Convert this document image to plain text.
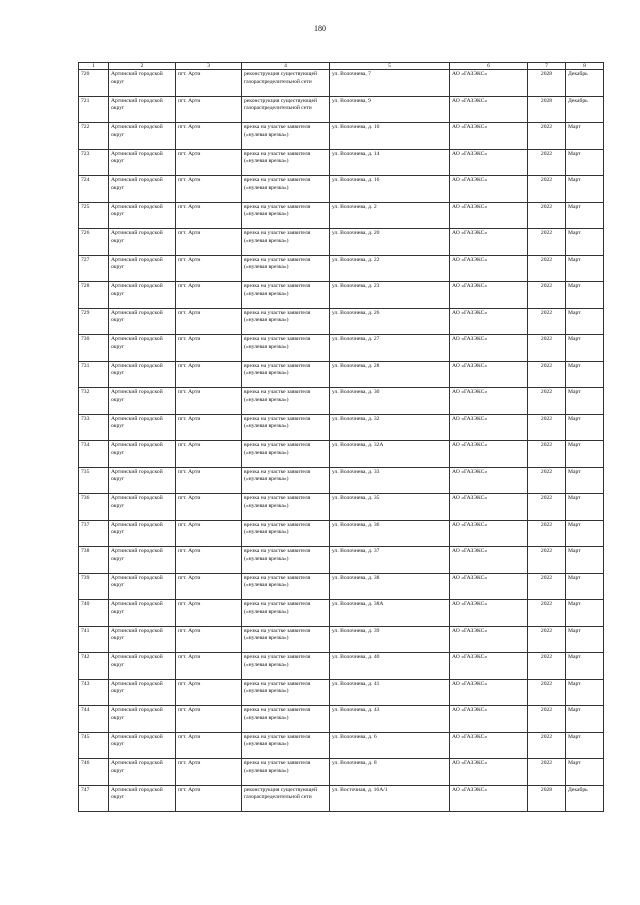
180
1	2	3	4	5	6	7	8
720	Артинский городской округ	пгт. Арти	реконструкция существующей газораспределительной сети	ул. Волочнева, 7	АО «ГАЗЭКС»	2028	Декабрь
721	Артинский городской округ	пгт. Арти	реконструкция существующей газораспределительной сети	ул. Волочнева, 9	АО «ГАЗЭКС»	2028	Декабрь
722	Артинский городской округ	пгт. Арти	врезка на участке заявителя («нулевая врезка»)	ул. Волочнева, д. 10	АО «ГАЗЭКС»	2022	Март
723	Артинский городской округ	пгт. Арти	врезка на участке заявителя («нулевая врезка»)	ул. Волочнева, д. 14	АО «ГАЗЭКС»	2022	Март
724	Артинский городской округ	пгт. Арти	врезка на участке заявителя («нулевая врезка»)	ул. Волочнева, д. 16	АО «ГАЗЭКС»	2022	Март
725	Артинский городской округ	пгт. Арти	врезка на участке заявителя («нулевая врезка»)	ул. Волочнева, д. 2	АО «ГАЗЭКС»	2022	Март
726	Артинский городской округ	пгт. Арти	врезка на участке заявителя («нулевая врезка»)	ул. Волочнева, д. 20	АО «ГАЗЭКС»	2022	Март
727	Артинский городской округ	пгт. Арти	врезка на участке заявителя («нулевая врезка»)	ул. Волочнева, д. 22	АО «ГАЗЭКС»	2022	Март
728	Артинский городской округ	пгт. Арти	врезка на участке заявителя («нулевая врезка»)	ул. Волочнева, д. 23	АО «ГАЗЭКС»	2022	Март
729	Артинский городской округ	пгт. Арти	врезка на участке заявителя («нулевая врезка»)	ул. Волочнева, д. 26	АО «ГАЗЭКС»	2022	Март
730	Артинский городской округ	пгт. Арти	врезка на участке заявителя («нулевая врезка»)	ул. Волочнева, д. 27	АО «ГАЗЭКС»	2022	Март
731	Артинский городской округ	пгт. Арти	врезка на участке заявителя («нулевая врезка»)	ул. Волочнева, д. 28	АО «ГАЗЭКС»	2022	Март
732	Артинский городской округ	пгт. Арти	врезка на участке заявителя («нулевая врезка»)	ул. Волочнева, д. 30	АО «ГАЗЭКС»	2022	Март
733	Артинский городской округ	пгт. Арти	врезка на участке заявителя («нулевая врезка»)	ул. Волочнева, д. 32	АО «ГАЗЭКС»	2022	Март
734	Артинский городской округ	пгт. Арти	врезка на участке заявителя («нулевая врезка»)	ул. Волочнева, д. 32А	АО «ГАЗЭКС»	2022	Март
735	Артинский городской округ	пгт. Арти	врезка на участке заявителя («нулевая врезка»)	ул. Волочнева, д. 33	АО «ГАЗЭКС»	2022	Март
736	Артинский городской округ	пгт. Арти	врезка на участке заявителя («нулевая врезка»)	ул. Волочнева, д. 35	АО «ГАЗЭКС»	2022	Март
737	Артинский городской округ	пгт. Арти	врезка на участке заявителя («нулевая врезка»)	ул. Волочнева, д. 36	АО «ГАЗЭКС»	2022	Март
738	Артинский городской округ	пгт. Арти	врезка на участке заявителя («нулевая врезка»)	ул. Волочнева, д. 37	АО «ГАЗЭКС»	2022	Март
739	Артинский городской округ	пгт. Арти	врезка на участке заявителя («нулевая врезка»)	ул. Волочнева, д. 38	АО «ГАЗЭКС»	2022	Март
740	Артинский городской округ	пгт. Арти	врезка на участке заявителя («нулевая врезка»)	ул. Волочнева, д. 38А	АО «ГАЗЭКС»	2022	Март
741	Артинский городской округ	пгт. Арти	врезка на участке заявителя («нулевая врезка»)	ул. Волочнева, д. 39	АО «ГАЗЭКС»	2022	Март
742	Артинский городской округ	пгт. Арти	врезка на участке заявителя («нулевая врезка»)	ул. Волочнева, д. 40	АО «ГАЗЭКС»	2022	Март
743	Артинский городской округ	пгт. Арти	врезка на участке заявителя («нулевая врезка»)	ул. Волочнева, д. 41	АО «ГАЗЭКС»	2022	Март
744	Артинский городской округ	пгт. Арти	врезка на участке заявителя («нулевая врезка»)	ул. Волочнева, д. 43	АО «ГАЗЭКС»	2022	Март
745	Артинский городской округ	пгт. Арти	врезка на участке заявителя («нулевая врезка»)	ул. Волочнева, д. 6	АО «ГАЗЭКС»	2022	Март
746	Артинский городской округ	пгт. Арти	врезка на участке заявителя («нулевая врезка»)	ул. Волочнева, д. 8	АО «ГАЗЭКС»	2022	Март
747	Артинский городской округ	пгт. Арти	реконструкция существующей газораспределительной сети	ул. Восточная, д. 16А/1	АО «ГАЗЭКС»	2028	Декабрь
